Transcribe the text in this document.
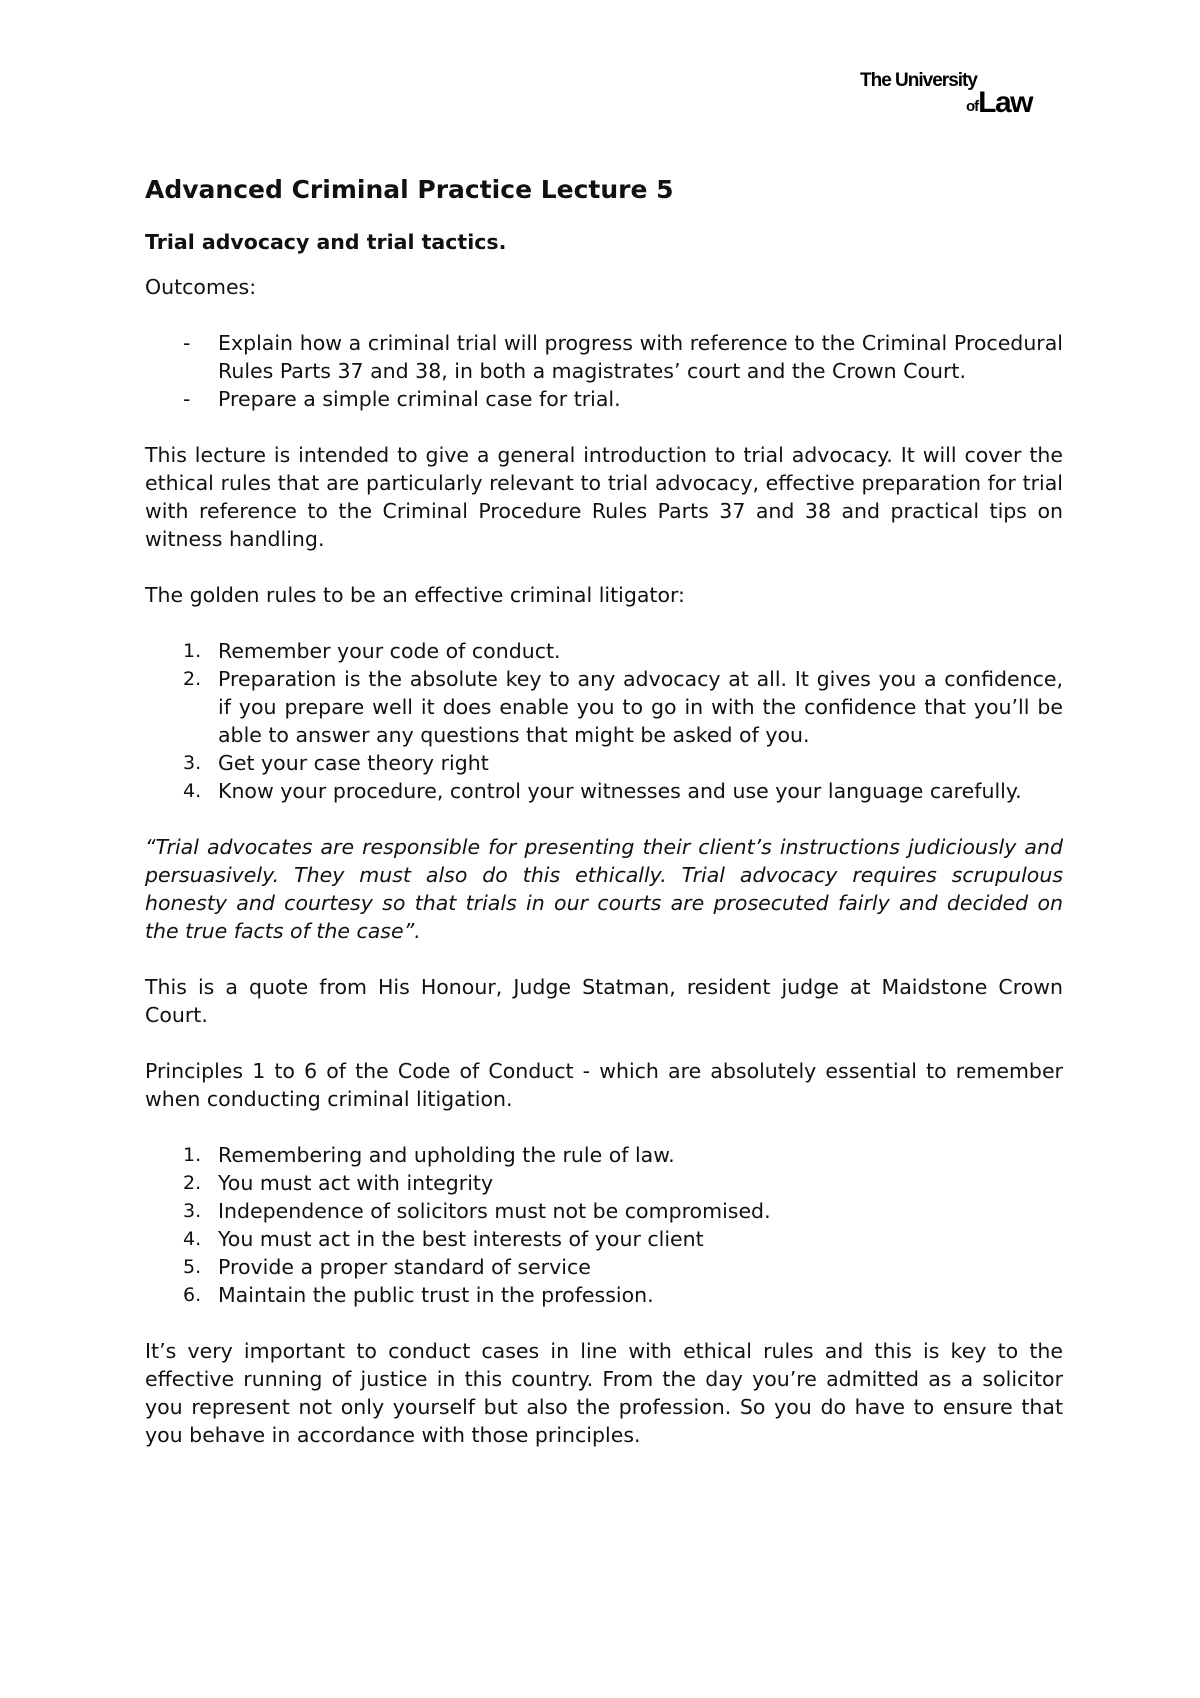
The University
ofLaw
Advanced Criminal Practice Lecture 5
Trial advocacy and trial tactics.

Outcomes:

- Explain how a criminal trial will progress with reference to the Criminal Procedural Rules Parts 37 and 38, in both a magistrates’ court and the Crown Court.
- Prepare a simple criminal case for trial.

This lecture is intended to give a general introduction to trial advocacy. It will cover the ethical rules that are particularly relevant to trial advocacy, effective preparation for trial with reference to the Criminal Procedure Rules Parts 37 and 38 and practical tips on witness handling.

The golden rules to be an effective criminal litigator:

1. Remember your code of conduct.
2. Preparation is the absolute key to any advocacy at all. It gives you a confidence, if you prepare well it does enable you to go in with the confidence that you’ll be able to answer any questions that might be asked of you.
3. Get your case theory right
4. Know your procedure, control your witnesses and use your language carefully.

“Trial advocates are responsible for presenting their client’s instructions judiciously and persuasively. They must also do this ethically. Trial advocacy requires scrupulous honesty and courtesy so that trials in our courts are prosecuted fairly and decided on the true facts of the case”.

This is a quote from His Honour, Judge Statman, resident judge at Maidstone Crown Court.

Principles 1 to 6 of the Code of Conduct - which are absolutely essential to remember when conducting criminal litigation.

1. Remembering and upholding the rule of law.
2. You must act with integrity
3. Independence of solicitors must not be compromised.
4. You must act in the best interests of your client
5. Provide a proper standard of service
6. Maintain the public trust in the profession.

It’s very important to conduct cases in line with ethical rules and this is key to the effective running of justice in this country. From the day you’re admitted as a solicitor you represent not only yourself but also the profession. So you do have to ensure that you behave in accordance with those principles.
